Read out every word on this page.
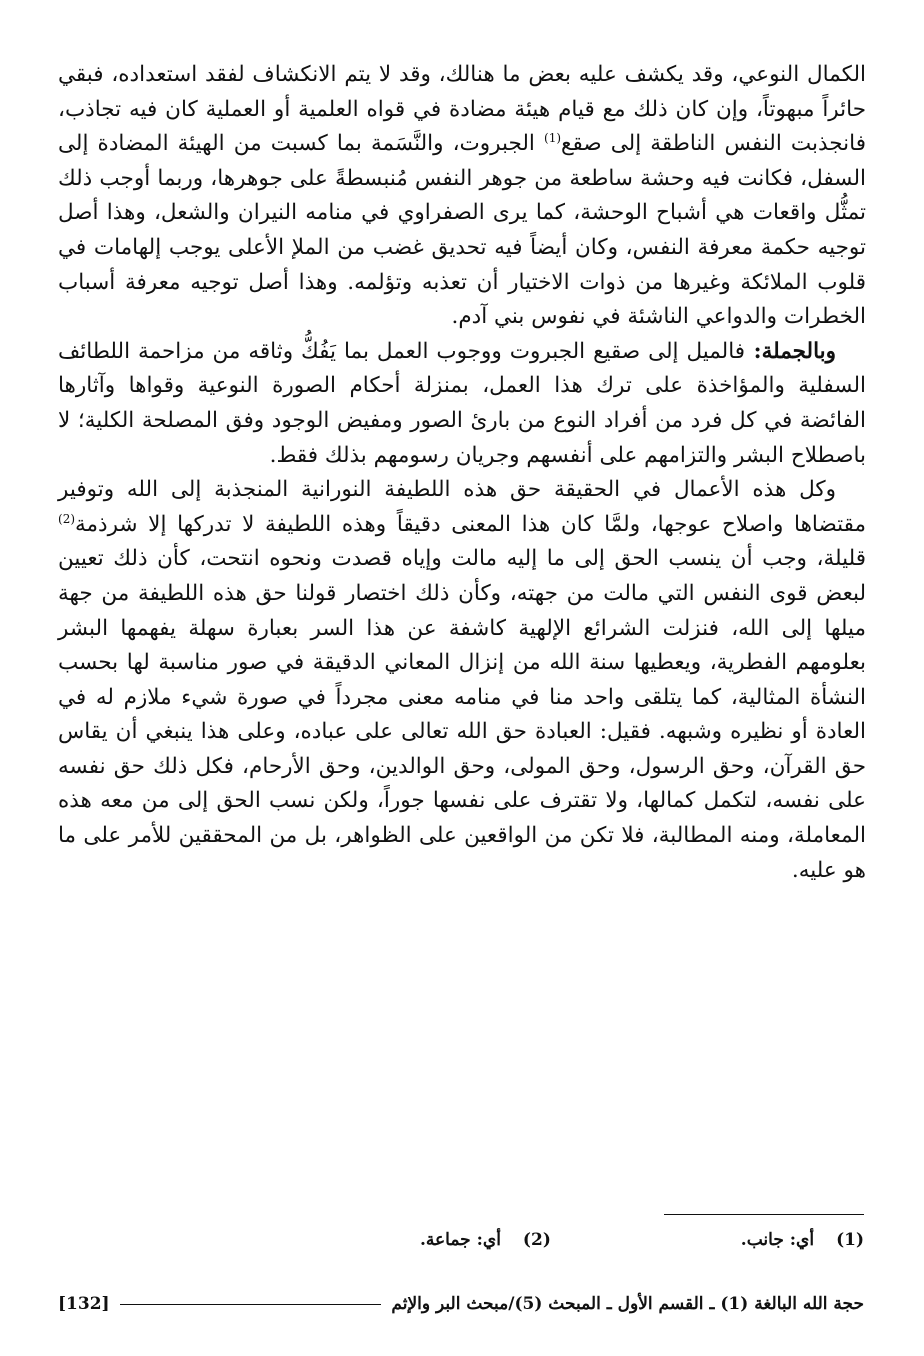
الكمال النوعي، وقد يكشف عليه بعض ما هنالك، وقد لا يتم الانكشاف لفقد استعداده، فبقي حائراً مبهوتاً، وإن كان ذلك مع قيام هيئة مضادة في قواه العلمية أو العملية كان فيه تجاذب، فانجذبت النفس الناطقة إلى صقع$^{(1)}$ الجبروت، والنَّسَمة بما كسبت من الهيئة المضادة إلى السفل، فكانت فيه وحشة ساطعة من جوهر النفس مُنبسطةً على جوهرها، وربما أوجب ذلك تمثُّل واقعات هي أشباح الوحشة، كما يرى الصفراوي في منامه النيران والشعل، وهذا أصل توجيه حكمة معرفة النفس، وكان أيضاً فيه تحديق غضب من الملإ الأعلى يوجب إلهامات في قلوب الملائكة وغيرها من ذوات الاختيار أن تعذبه وتؤلمه. وهذا أصل توجيه معرفة أسباب الخطرات والدواعي الناشئة في نفوس بني آدم.

وبالجملة: فالميل إلى صقيع الجبروت ووجوب العمل بما يَفُكُّ وثاقه من مزاحمة اللطائف السفلية والمؤاخذة على ترك هذا العمل، بمنزلة أحكام الصورة النوعية وقواها وآثارها الفائضة في كل فرد من أفراد النوع من بارئ الصور ومفيض الوجود وفق المصلحة الكلية؛ لا باصطلاح البشر والتزامهم على أنفسهم وجريان رسومهم بذلك فقط.

وكل هذه الأعمال في الحقيقة حق هذه اللطيفة النورانية المنجذبة إلى الله وتوفير مقتضاها واصلاح عوجها، ولمَّا كان هذا المعنى دقيقاً وهذه اللطيفة لا تدركها إلا شرذمة$^{(2)}$ قليلة، وجب أن ينسب الحق إلى ما إليه مالت وإياه قصدت ونحوه انتحت، كأن ذلك تعيين لبعض قوى النفس التي مالت من جهته، وكأن ذلك اختصار قولنا حق هذه اللطيفة من جهة ميلها إلى الله، فنزلت الشرائع الإلهية كاشفة عن هذا السر بعبارة سهلة يفهمها البشر بعلومهم الفطرية، ويعطيها سنة الله من إنزال المعاني الدقيقة في صور مناسبة لها بحسب النشأة المثالية، كما يتلقى واحد منا في منامه معنى مجرداً في صورة شيء ملازم له في العادة أو نظيره وشبهه. فقيل: العبادة حق الله تعالى على عباده، وعلى هذا ينبغي أن يقاس حق القرآن، وحق الرسول، وحق المولى، وحق الوالدين، وحق الأرحام، فكل ذلك حق نفسه على نفسه، لتكمل كمالها، ولا تقترف على نفسها جوراً، ولكن نسب الحق إلى من معه هذه المعاملة، ومنه المطالبة، فلا تكن من الواقعين على الظواهر، بل من المحققين للأمر على ما هو عليه.

(1)أي: جانب.
(2)أي: جماعة.
حجة الله البالغة (1) ـ القسم الأول ـ المبحث (5)/مبحث البر والإثم
[132]
